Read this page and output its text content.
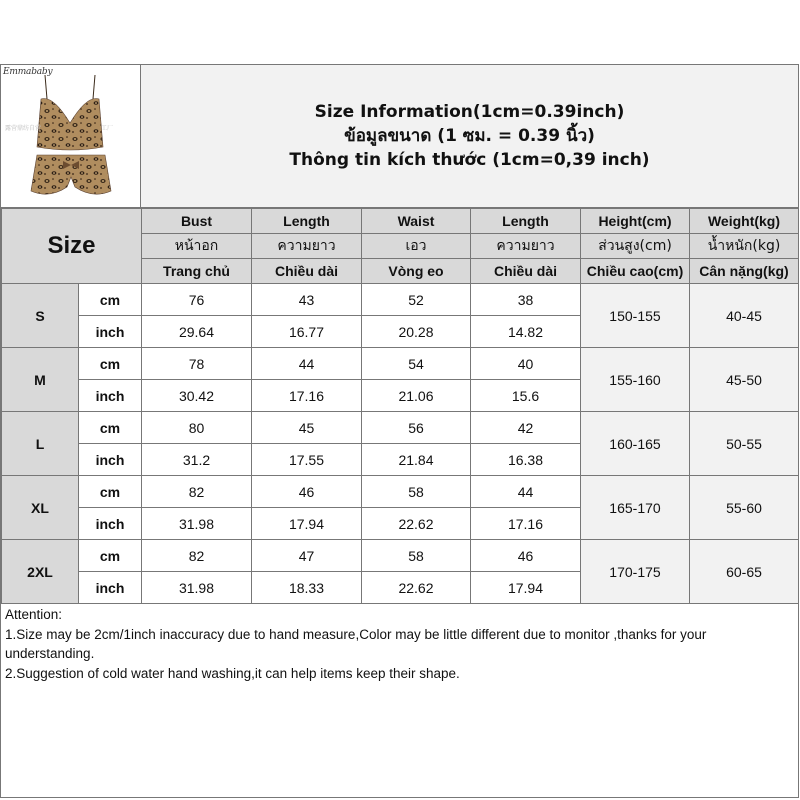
Emmababy
露营鼎纺自营	工厂
Size Information(1cm=0.39inch)
ข้อมูลขนาด (1 ซม. = 0.39 นิ้ว)
Thông tin kích thước (1cm=0,39 inch)
Size		Bust	Length	Waist	Length	Height(cm)	Weight(kg)
		หน้าอก	ความยาว	เอว	ความยาว	ส่วนสูง(cm)	น้ำหนัก(kg)
		Trang chủ	Chiều dài	Vòng eo	Chiều dài	Chiều cao(cm)	Cân nặng(kg)
S	cm	76	43	52	38	150-155	40-45
	inch	29.64	16.77	20.28	14.82		
M	cm	78	44	54	40	155-160	45-50
	inch	30.42	17.16	21.06	15.6		
L	cm	80	45	56	42	160-165	50-55
	inch	31.2	17.55	21.84	16.38		
XL	cm	82	46	58	44	165-170	55-60
	inch	31.98	17.94	22.62	17.16		
2XL	cm	82	47	58	46	170-175	60-65
	inch	31.98	18.33	22.62	17.94		
Attention:
1.Size may be 2cm/1inch inaccuracy due to hand measure,Color may be little different due to monitor ,thanks for your understanding.
2.Suggestion of cold water hand washing,it can help items keep their shape.
